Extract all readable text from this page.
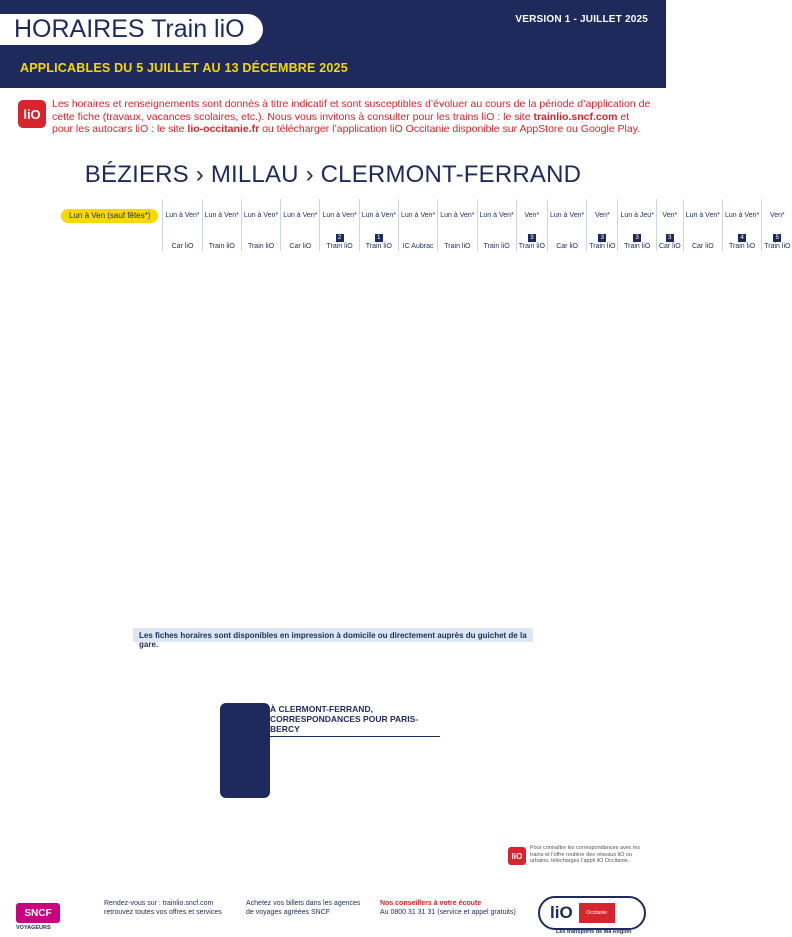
HORAIRES Train liO	VERSION 1 - JUILLET 2025
APPLICABLES DU 5 JUILLET AU 13 DÉCEMBRE 2025
liO
Les horaires et renseignements sont donnés à titre indicatif et sont susceptibles d’évoluer au cours de la période d’application de cette fiche (travaux, vacances scolaires, etc.). Nous vous invitons à consulter pour les trains liO : le site trainlio.sncf.com et pour les autocars liO : le site lio-occitanie.fr ou télécharger l’application liO Occitanie disponible sur AppStore ou Google Play.
BÉZIERS › MILLAU › CLERMONT-FERRAND
Lun à Ven (sauf fêtes*)	Lun à Ven*	Lun à Ven*	Lun à Ven*	Lun à Ven*	Lun à Ven*	Lun à Ven*	Lun à Ven*	Lun à Ven*	Lun à Ven*	Ven*	Lun à Ven*	Ven*	Lun à Jeu*	Ven*	Lun à Ven*	Lun à Ven*	Ven*
					2	1				3		3	3	3		4	5
	Car liO	Train liO	Train liO	Car liO	Train liO	Train liO	IC Aubrac	Train liO	Train liO	Train liO	Car liO	Train liO	Train liO	Car liO	Car liO	Train liO	Train liO
Les fiches horaires sont disponibles en impression à domicile ou directement auprès du guichet de la gare.
À CLERMONT-FERRAND,
CORRESPONDANCES POUR PARIS-BERCY
liO
Pour connaître les correspondances avec les trains et l’offre routière des réseaux liO ou urbains, téléchargez l’appli liO Occitanie.
SNCF
VOYAGEURS
Rendez-vous sur : trainlio.sncf.com
retrouvez toutes vos offres et services
Achetez vos billets dans les agences
de voyages agréées SNCF
Nos conseillers à votre écoute
Au 0800 31 31 31 (service et appel gratuits) liO	Occitanie
Les transports de Ma Région
